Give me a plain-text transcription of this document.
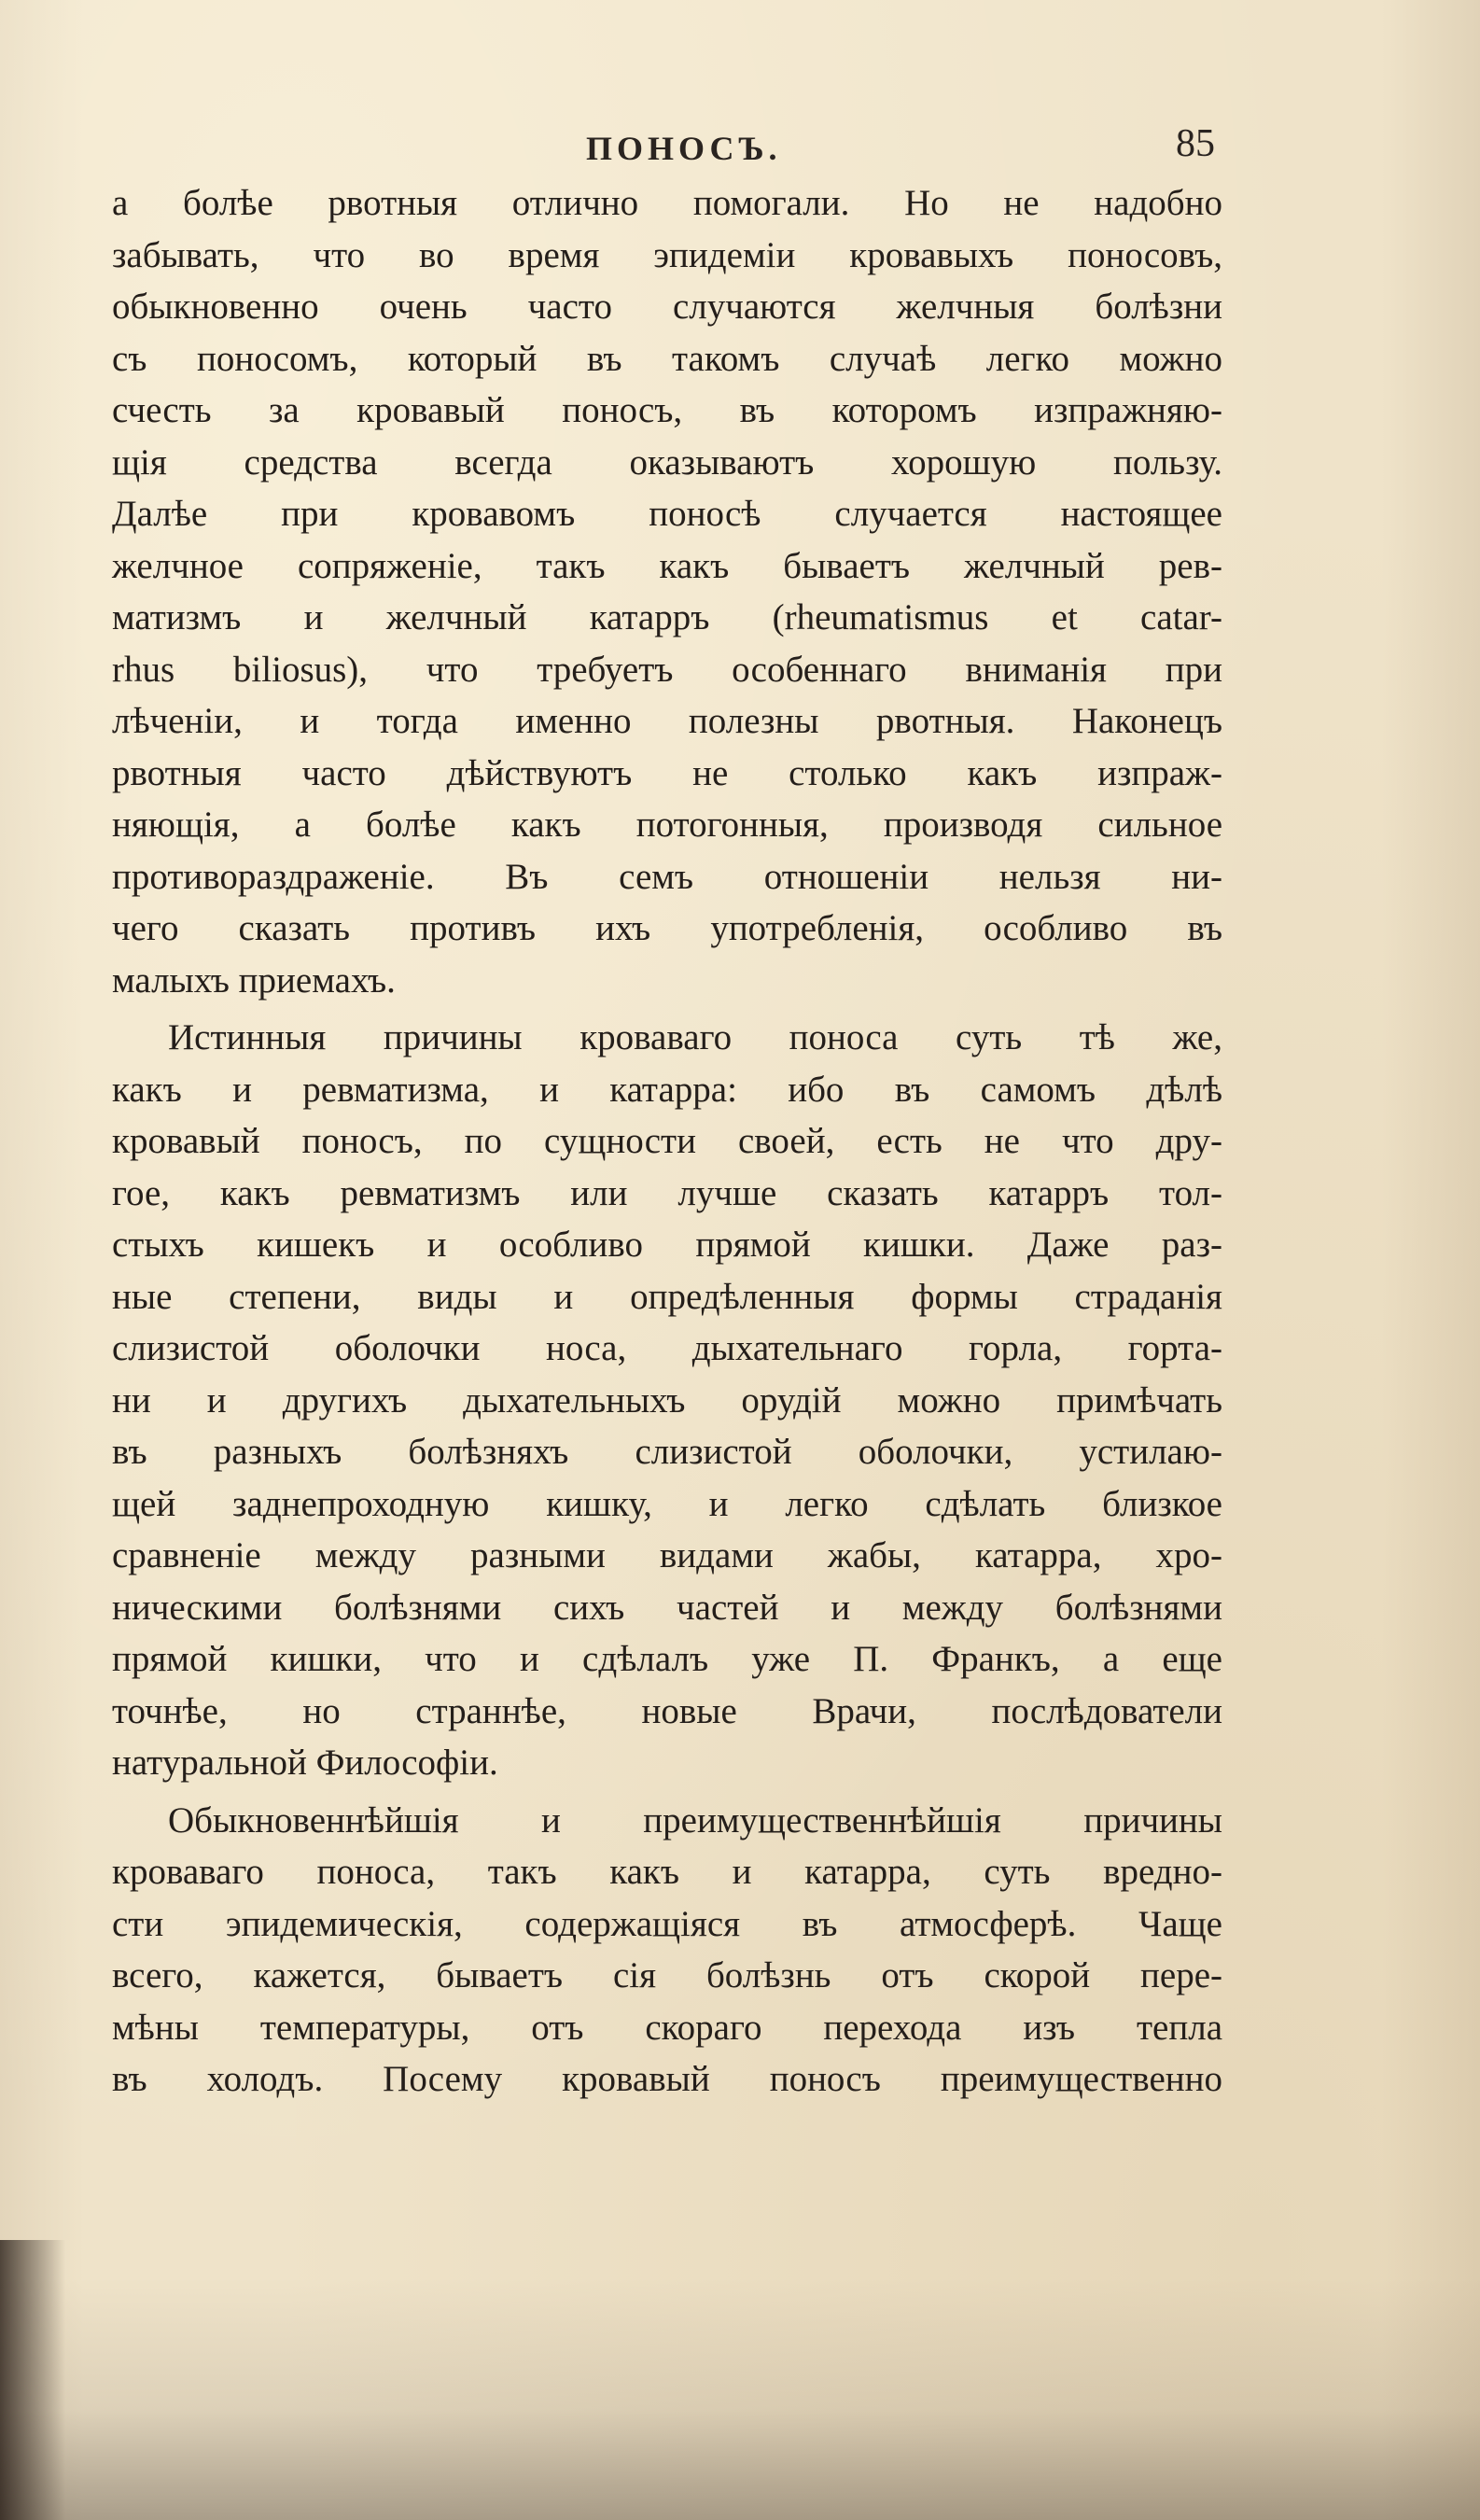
ПОНОСЪ.	85
а болѣе рвотныя отлично помогали. Но не надобно
забывать, что во время эпидеміи кровавыхъ поносовъ,
обыкновенно очень часто случаются желчныя болѣзни
съ поносомъ, который въ такомъ случаѣ легко можно
счесть за кровавый поносъ, въ которомъ изпражняю-
щія средства всегда оказываютъ хорошую пользу.
Далѣе при кровавомъ поносѣ случается настоящее
желчное сопряженіе, такъ какъ бываетъ желчный рев-
матизмъ и желчный катарръ (rheumatismus et catar-
rhus biliosus), что требуетъ особеннаго вниманія при
лѣченіи, и тогда именно полезны рвотныя. Наконецъ
рвотныя часто дѣйствуютъ не столько какъ изпраж-
няющія, а болѣе какъ потогонныя, производя сильное
противораздраженіе. Въ семъ отношеніи нельзя ни-
чего сказать противъ ихъ употребленія, особливо въ
малыхъ приемахъ.
Истинныя причины кроваваго поноса суть тѣ же,
какъ и ревматизма, и катарра: ибо въ самомъ дѣлѣ
кровавый поносъ, по сущности своей, есть не что дру-
гое, какъ ревматизмъ или лучше сказать катарръ тол-
стыхъ кишекъ и особливо прямой кишки. Даже раз-
ные степени, виды и опредѣленныя формы страданія
слизистой оболочки носа, дыхательнаго горла, горта-
ни и другихъ дыхательныхъ орудій можно примѣчать
въ разныхъ болѣзняхъ слизистой оболочки, устилаю-
щей заднепроходную кишку, и легко сдѣлать близкое
сравненіе между разными видами жабы, катарра, хро-
ническими болѣзнями сихъ частей и между болѣзнями
прямой кишки, что и сдѣлалъ уже П. Франкъ, а еще
точнѣе, но страннѣе, новые Врачи, послѣдователи
натуральной Философіи.
Обыкновеннѣйшія и преимущественнѣйшія причины
кроваваго поноса, такъ какъ и катарра, суть вредно-
сти эпидемическія, содержащіяся въ атмосферѣ. Чаще
всего, кажется, бываетъ сія болѣзнь отъ скорой пере-
мѣны температуры, отъ скораго перехода изъ тепла
въ холодъ. Посему кровавый поносъ преимущественно
